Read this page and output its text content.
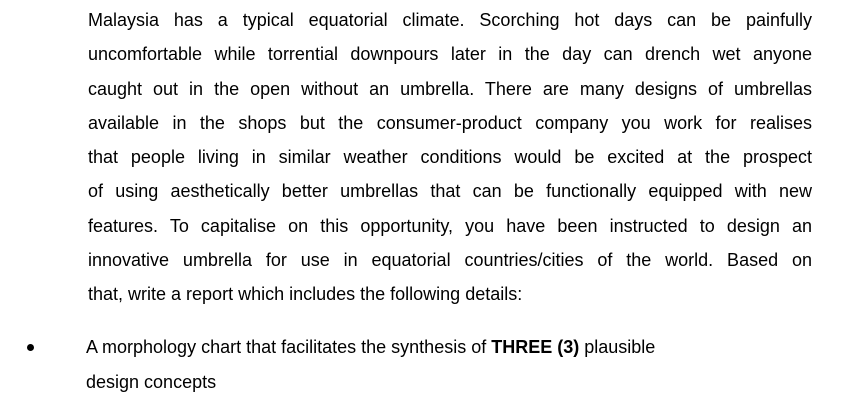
Malaysia has a typical equatorial climate. Scorching hot days can be painfully
uncomfortable while torrential downpours later in the day can drench wet anyone
caught out in the open without an umbrella. There are many designs of umbrellas
available in the shops but the consumer-product company you work for realises
that people living in similar weather conditions would be excited at the prospect
of using aesthetically better umbrellas that can be functionally equipped with new
features. To capitalise on this opportunity, you have been instructed to design an
innovative umbrella for use in equatorial countries/cities of the world. Based on
that, write a report which includes the following details:
A morphology chart that facilitates the synthesis of THREE (3) plausible
design concepts
